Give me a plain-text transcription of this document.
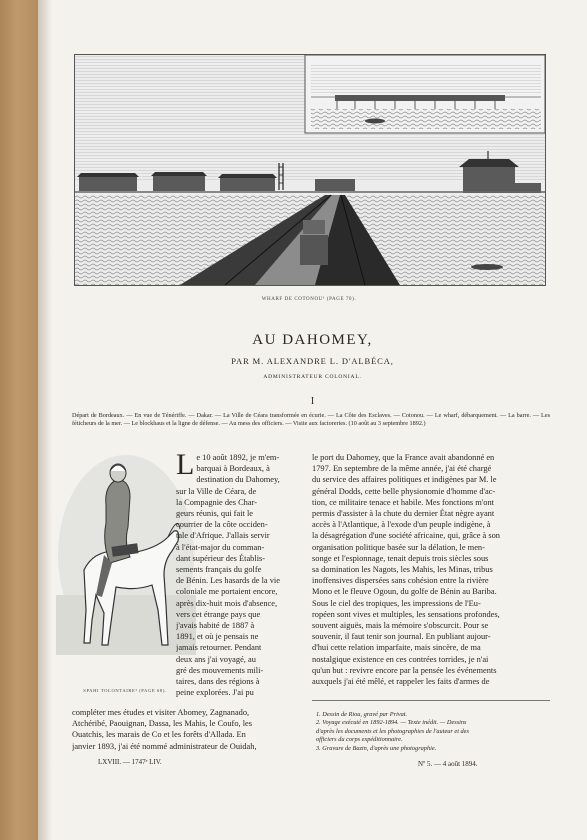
WHARF DE COTONOU¹ (PAGE 70).
AU DAHOMEY,
PAR M. ALEXANDRE L. D'ALBÉCA,
ADMINISTRATEUR COLONIAL.
I
Départ de Bordeaux. — En vue de Ténériffe. — Dakar. — La Ville de Céara transformée en écurie. — La Côte des Esclaves. — Cotonou. — Le wharf, débarquement. — La barre. — Les féticheurs de la mer. — Le blockhaus et la ligne de défense. — Au mess des officiers. — Visite aux factoreries. (10 août au 3 septembre 1892.)
SPAHI TOLONTAIRE² (PAGE 68).
L e 10 août 1892, je m'em-
barquai à Bordeaux, à
destination du Dahomey,
sur la Ville de Céara, de
la Compagnie des Char-
geurs réunis, qui fait le
courrier de la côte occiden-
tale d'Afrique. J'allais servir
à l'état-major du comman-
dant supérieur des Établis-
sements français du golfe
de Bénin. Les hasards de la vie
coloniale me portaient encore,
après dix-huit mois d'absence,
vers cet étrange pays que
j'avais habité de 1887 à
1891, et où je pensais ne
jamais retourner. Pendant
deux ans j'ai voyagé, au
gré des mouvements mili-
taires, dans des régions à
peine explorées. J'ai pu
compléter mes études et visiter Abomey, Zagnanado,
Atchéribé, Paouignan, Dassa, les Mahis, le Coufo, les
Ouatchis, les marais de Co et les forêts d'Allada. En
janvier 1893, j'ai été nommé administrateur de Ouidah,
le port du Dahomey, que la France avait abandonné en
1797. En septembre de la même année, j'ai été chargé
du service des affaires politiques et indigènes par M. le
général Dodds, cette belle physionomie d'homme d'ac-
tion, ce militaire tenace et habile. Mes fonctions m'ont
permis d'assister à la chute du dernier État nègre ayant
accès à l'Atlantique, à l'exode d'un peuple indigène, à
la désagrégation d'une société africaine, qui, grâce à son
organisation politique basée sur la délation, le men-
songe et l'espionnage, tenait depuis trois siècles sous
sa domination les Nagots, les Mahis, les Minas, tribus
inoffensives dispersées sans cohésion entre la rivière
Mono et le fleuve Ogoun, du golfe de Bénin au Bariba.
Sous le ciel des tropiques, les impressions de l'Eu-
ropéen sont vives et multiples, les sensations profondes,
souvent aiguës, mais la mémoire s'obscurcit. Pour se
souvenir, il faut tenir son journal. En publiant aujour-
d'hui cette relation imparfaite, mais sincère, de ma
nostalgique existence en ces contrées torrides, je n'ai
qu'un but : revivre encore par la pensée les événements
auxquels j'ai été mêlé, et rappeler les faits d'armes de
1. Dessin de Riou, gravé par Privat.
2. Voyage exécuté en 1892-1894. — Texte inédit. — Dessins
d'après les documents et les photographies de l'auteur et des
officiers du corps expéditionnaire.
3. Gravure de Bazin, d'après une photographie.
LXVIII. — 1747ᵉ LIV.	Nº 5. — 4 août 1894.
